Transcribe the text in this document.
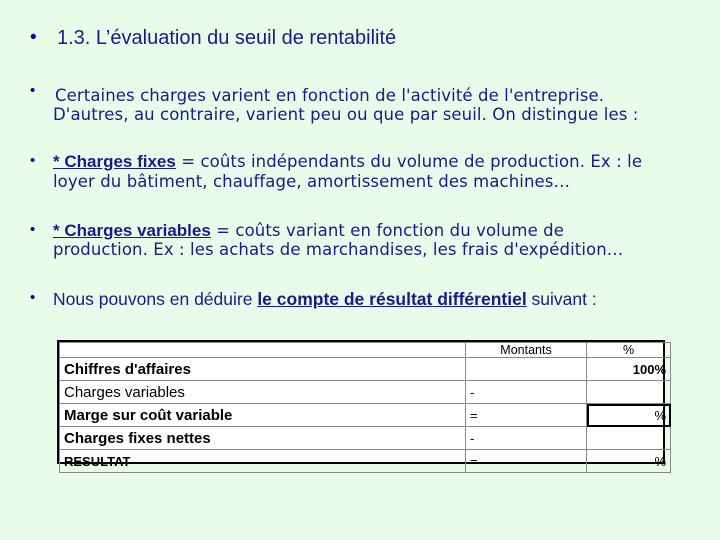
• 1.3. L’évaluation du seuil de rentabilité
• Certaines charges varient en fonction de l'activité de l'entreprise.
D'autres, au contraire, varient peu ou que par seuil. On distingue les :
• * Charges fixes = coûts indépendants du volume de production. Ex : le
loyer du bâtiment, chauffage, amortissement des machines…
• * Charges variables = coûts variant en fonction du volume de
production. Ex : les achats de marchandises, les frais d'expédition…
• Nous pouvons en déduire le compte de résultat différentiel suivant :
	Montants	%
Chiffres d'affaires		100%
Charges variables	-	
Marge sur coût variable	=	%
Charges fixes nettes	-	
RESULTAT	=	%
